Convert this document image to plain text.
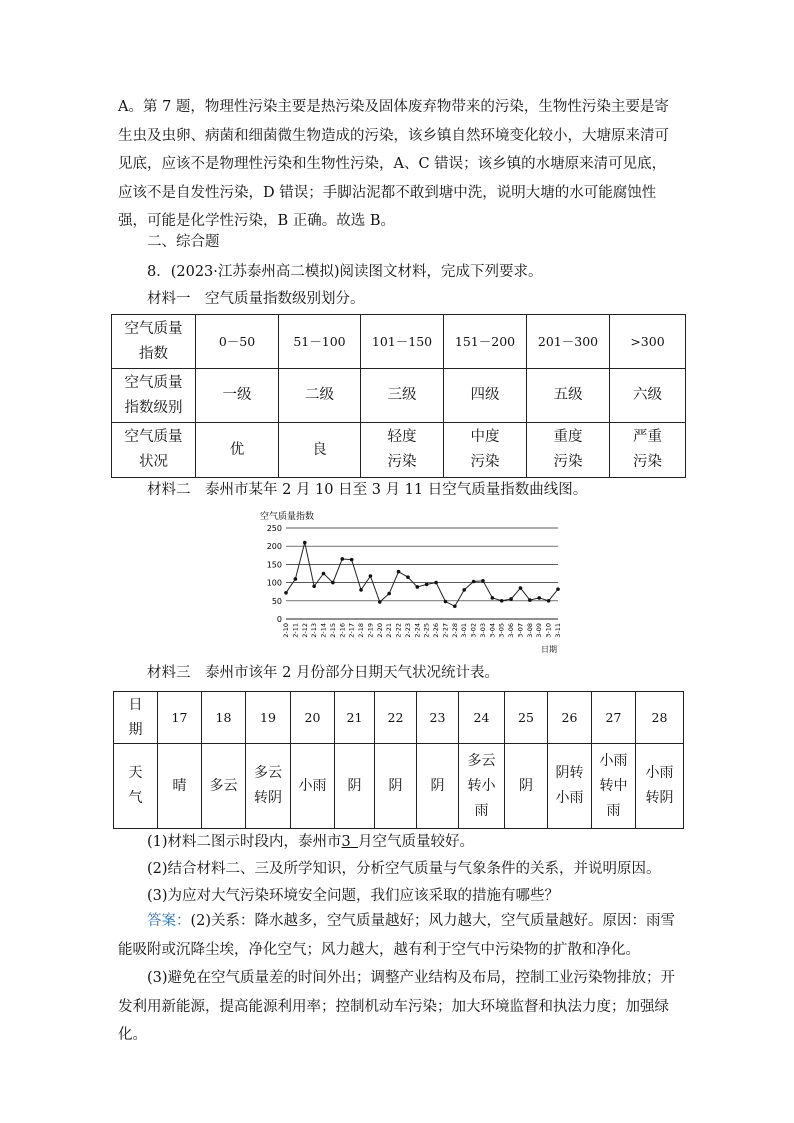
A。第 7 题，物理性污染主要是热污染及固体废弃物带来的污染，生物性污染主要是寄生虫及虫卵、病菌和细菌微生物造成的污染，该乡镇自然环境变化较小，大塘原来清可见底，应该不是物理性污染和生物性污染，A、C 错误；该乡镇的水塘原来清可见底，应该不是自发性污染，D 错误；手脚沾泥都不敢到塘中洗，说明大塘的水可能腐蚀性强，可能是化学性污染，B 正确。故选 B。

二、综合题
8．(2023·江苏泰州高二模拟)阅读图文材料，完成下列要求。
材料一　空气质量指数级别划分。
空气质量指数	0－50	51－100	101－150	151－200	201－300	>300
空气质量指数级别	一级	二级	三级	四级	五级	六级
空气质量状况	优	良	轻度污染	中度污染	重度污染	严重污染
材料二　泰州市某年 2 月 10 日至 3 月 11 日空气质量指数曲线图。
空气质量指数
0
50
100
150
200
250
2-10 2-11 2-12 2-13 2-14 2-15 2-16 2-17 2-18 2-19 2-20 2-21 2-22 2-23 2-24 2-25 2-26 2-27 2-28 3-01 3-02 3-03 3-04 3-05 3-06 3-07 3-08 3-09 3-10 3-11
日期
材料三　泰州市该年 2 月份部分日期天气状况统计表。
日期	17	18	19	20	21	22	23	24	25	26	27	28
天气	晴	多云	多云转阴	小雨	阴	阴	阴	多云转小雨	阴	阴转小雨	小雨转中雨	小雨转阴
(1)材料二图示时段内，泰州市3  月空气质量较好。
(2)结合材料二、三及所学知识，分析空气质量与气象条件的关系，并说明原因。
(3)为应对大气污染环境安全问题，我们应该采取的措施有哪些？

答案：(2)关系：降水越多，空气质量越好；风力越大，空气质量越好。原因：雨雪能吸附或沉降尘埃，净化空气；风力越大，越有利于空气中污染物的扩散和净化。

(3)避免在空气质量差的时间外出；调整产业结构及布局，控制工业污染物排放；开发利用新能源，提高能源利用率；控制机动车污染；加大环境监督和执法力度；加强绿化。
